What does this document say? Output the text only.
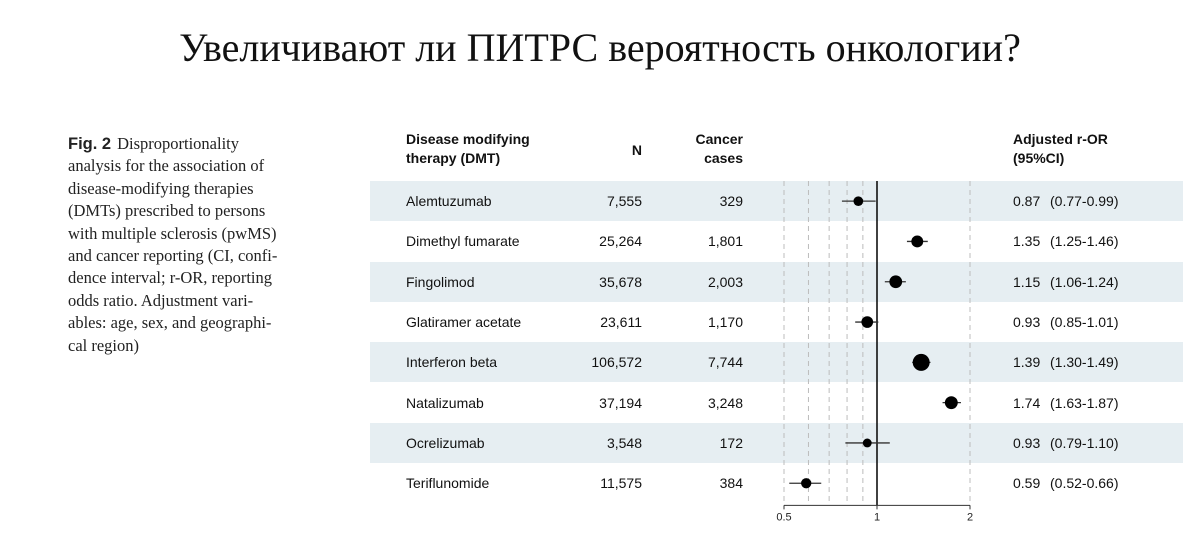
Увеличивают ли ПИТРС вероятность онкологии?
Fig. 2 Disproportionality
analysis for the association of
disease-modifying therapies
(DMTs) prescribed to persons
with multiple sclerosis (pwMS)
and cancer reporting (CI, confi-
dence interval; r-OR, reporting
odds ratio. Adjustment vari-
ables: age, sex, and geographi-
cal region)
Disease modifying
therapy (DMT)	N
Cancer
cases
Adjusted r-OR
(95%CI)
Alemtuzumab	7,555	329	0.87 (0.77-0.99)
Dimethyl fumarate	25,264	1,801	1.35 (1.25-1.46)
Fingolimod	35,678	2,003	1.15 (1.06-1.24)
Glatiramer acetate	23,611	1,170	0.93 (0.85-1.01)
Interferon beta	106,572	7,744	1.39 (1.30-1.49)
Natalizumab	37,194	3,248	1.74 (1.63-1.87)
Ocrelizumab	3,548	172	0.93 (0.79-1.10)
Teriflunomide	11,575	384	0.59 (0.52-0.66)
0.5	1	2
